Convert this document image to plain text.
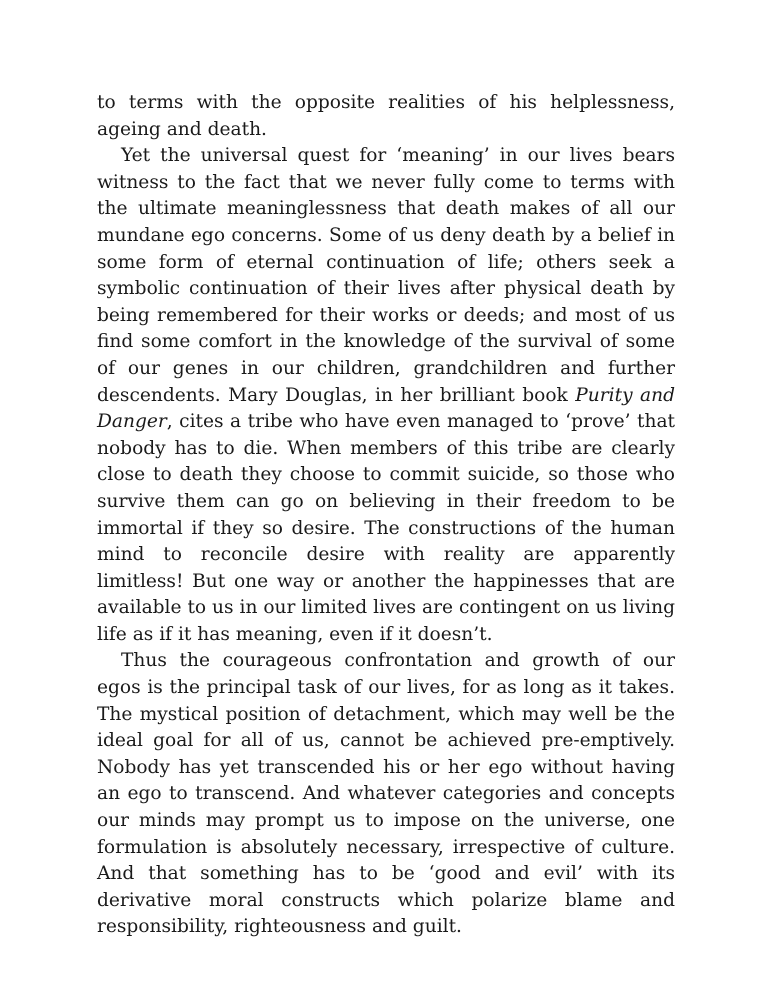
to terms with the opposite realities of his helplessness, ageing and death.

Yet the universal quest for ‘meaning’ in our lives bears witness to the fact that we never fully come to terms with the ultimate meaninglessness that death makes of all our mundane ego concerns. Some of us deny death by a belief in some form of eternal continuation of life; others seek a symbolic continuation of their lives after physical death by being remembered for their works or deeds; and most of us find some comfort in the knowledge of the survival of some of our genes in our children, grandchildren and further descendents. Mary Douglas, in her brilliant book Purity and Danger, cites a tribe who have even managed to ‘prove’ that nobody has to die. When members of this tribe are clearly close to death they choose to commit suicide, so those who survive them can go on believing in their freedom to be immortal if they so desire. The constructions of the human mind to reconcile desire with reality are apparently limitless! But one way or another the happinesses that are available to us in our limited lives are contingent on us living life as if it has meaning, even if it doesn’t.

Thus the courageous confrontation and growth of our egos is the principal task of our lives, for as long as it takes. The mystical position of detachment, which may well be the ideal goal for all of us, cannot be achieved pre-emptively. Nobody has yet transcended his or her ego without having an ego to transcend. And whatever categories and concepts our minds may prompt us to impose on the universe, one formulation is absolutely necessary, irrespective of culture. And that something has to be ‘good and evil’ with its derivative moral constructs which polarize blame and responsibility, righteousness and guilt.
